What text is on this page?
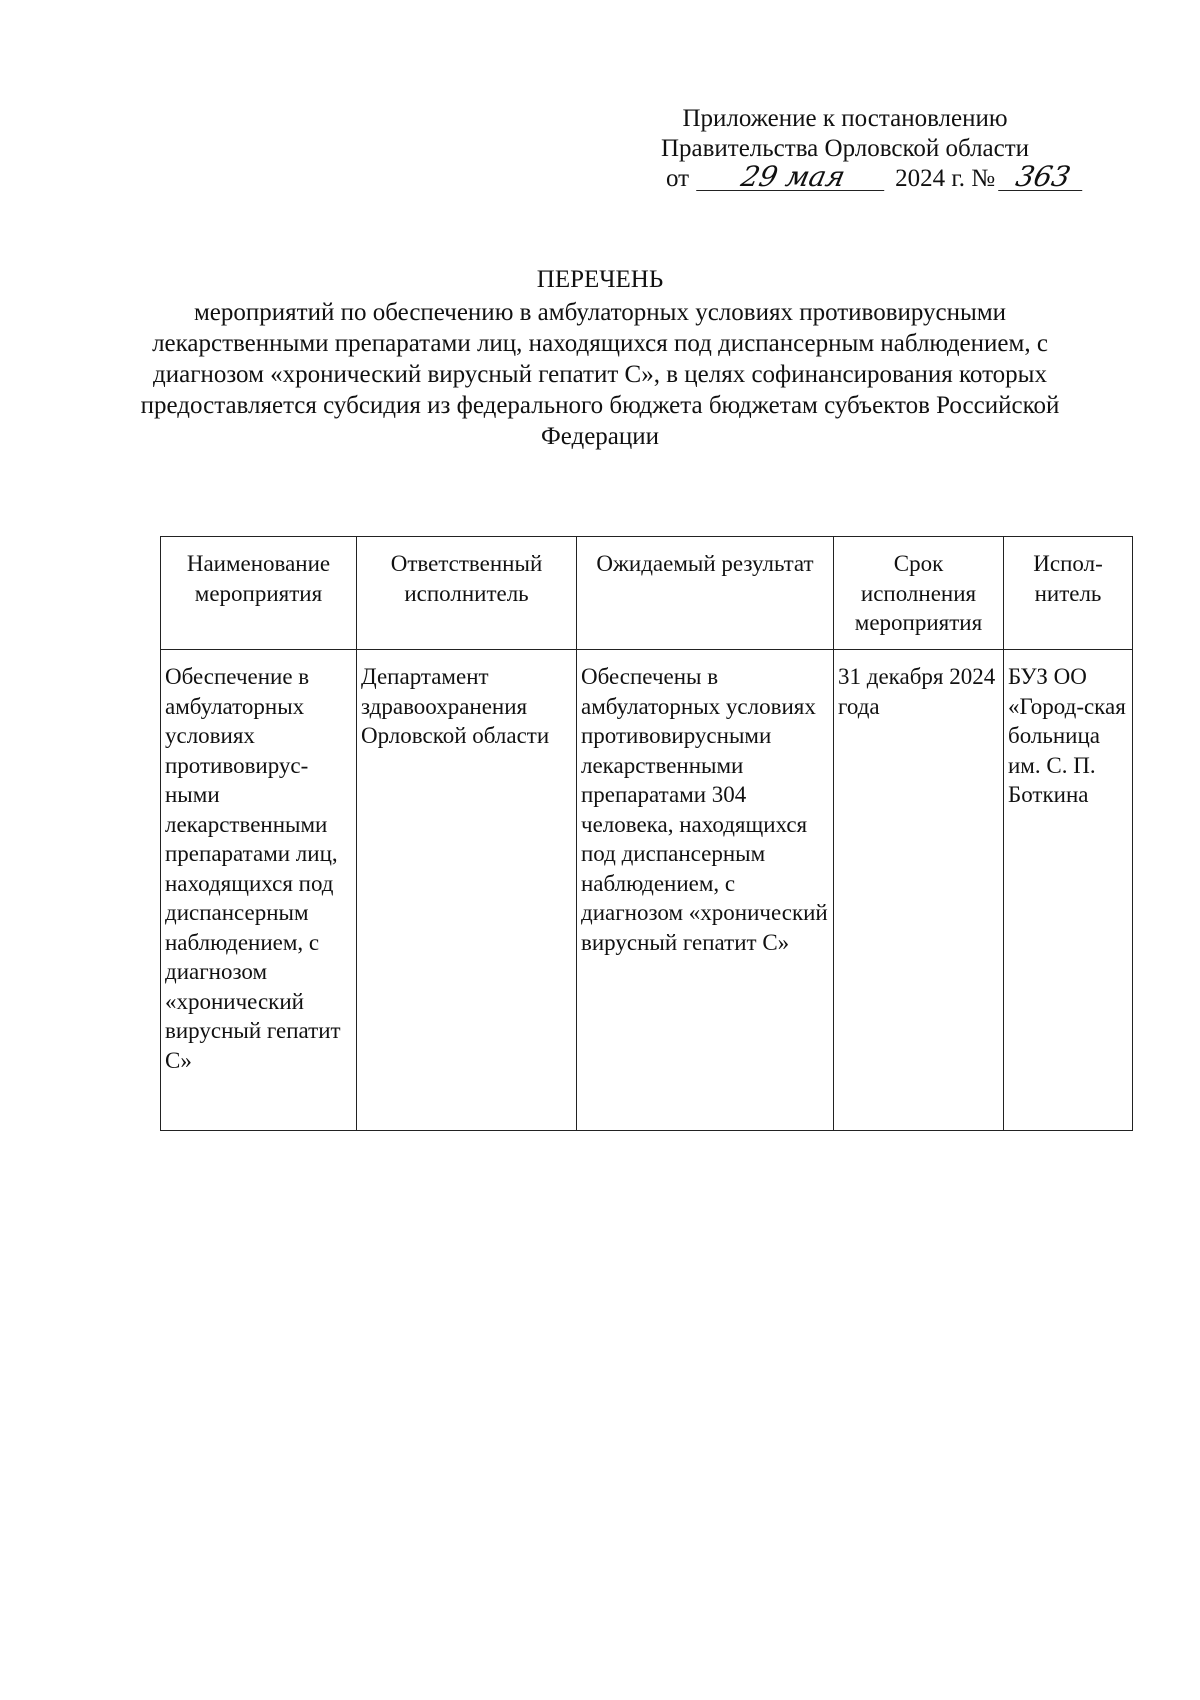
Приложение к постановлению
Правительства Орловской области
от 29 мая 2024 г. № 363
ПЕРЕЧЕНЬ
мероприятий по обеспечению в амбулаторных условиях противовирусными лекарственными препаратами лиц, находящихся под диспансерным наблюдением, с диагнозом «хронический вирусный гепатит С», в целях софинансирования которых предоставляется субсидия из федерального бюджета бюджетам субъектов Российской Федерации
Наименование мероприятия	Ответственный исполнитель	Ожидаемый результат	Срок исполнения мероприятия	Испол-нитель
Обеспечение в амбулаторных условиях противовирус-ными лекарственными препаратами лиц, находящихся под диспансерным наблюдением, с диагнозом «хронический вирусный гепатит С»	Департамент здравоохранения Орловской области	Обеспечены в амбулаторных условиях противовирусными лекарственными препаратами 304 человека, находящихся под диспансерным наблюдением, с диагнозом «хронический вирусный гепатит С»	31 декабря 2024 года	БУЗ ОО «Город-ская больница им. С. П. Боткина
